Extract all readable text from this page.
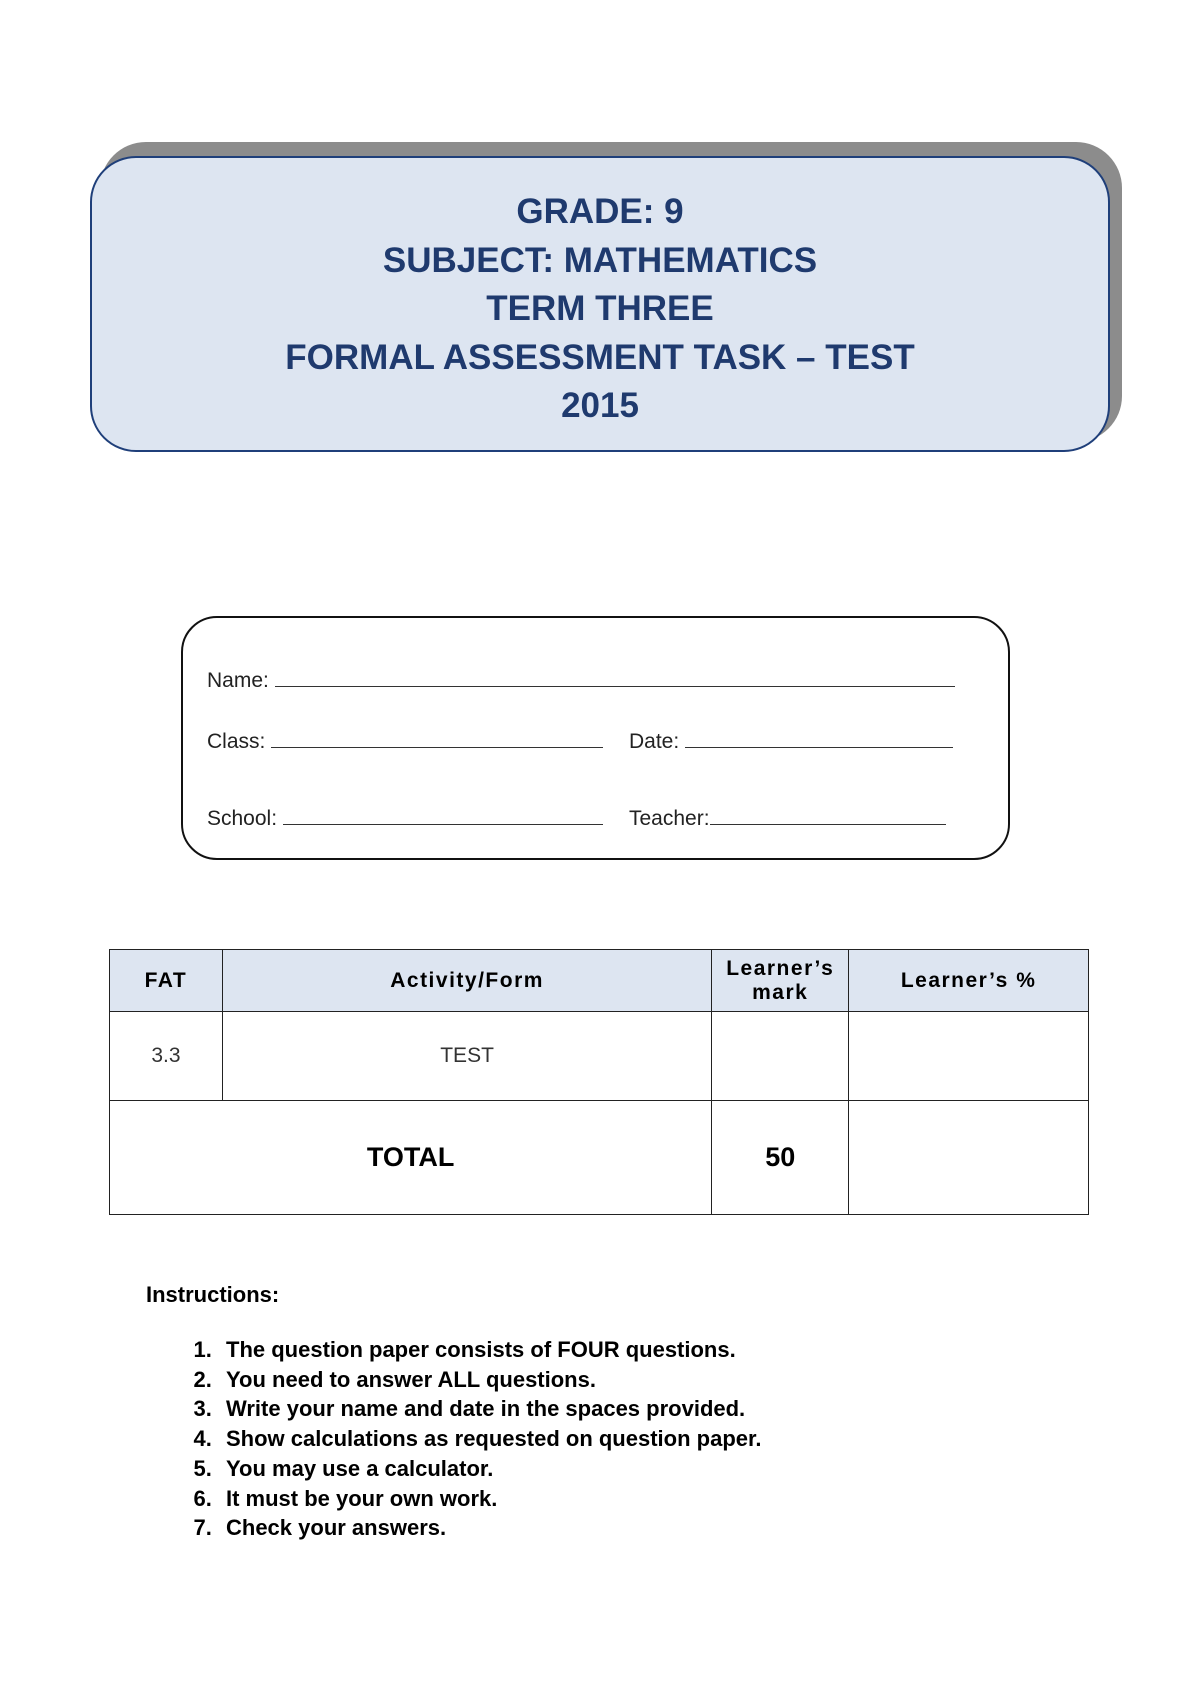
GRADE: 9
SUBJECT: MATHEMATICS
TERM THREE
FORMAL ASSESSMENT TASK – TEST
2015
Name:
Class:	Date:
School:	Teacher:
FAT	Activity/Form	Learner’s mark	Learner’s %
3.3	TEST		
TOTAL		50	
Instructions:
1. The question paper consists of FOUR questions.
2. You need to answer ALL questions.
3. Write your name and date in the spaces provided.
4. Show calculations as requested on question paper.
5. You may use a calculator.
6. It must be your own work.
7. Check your answers.
